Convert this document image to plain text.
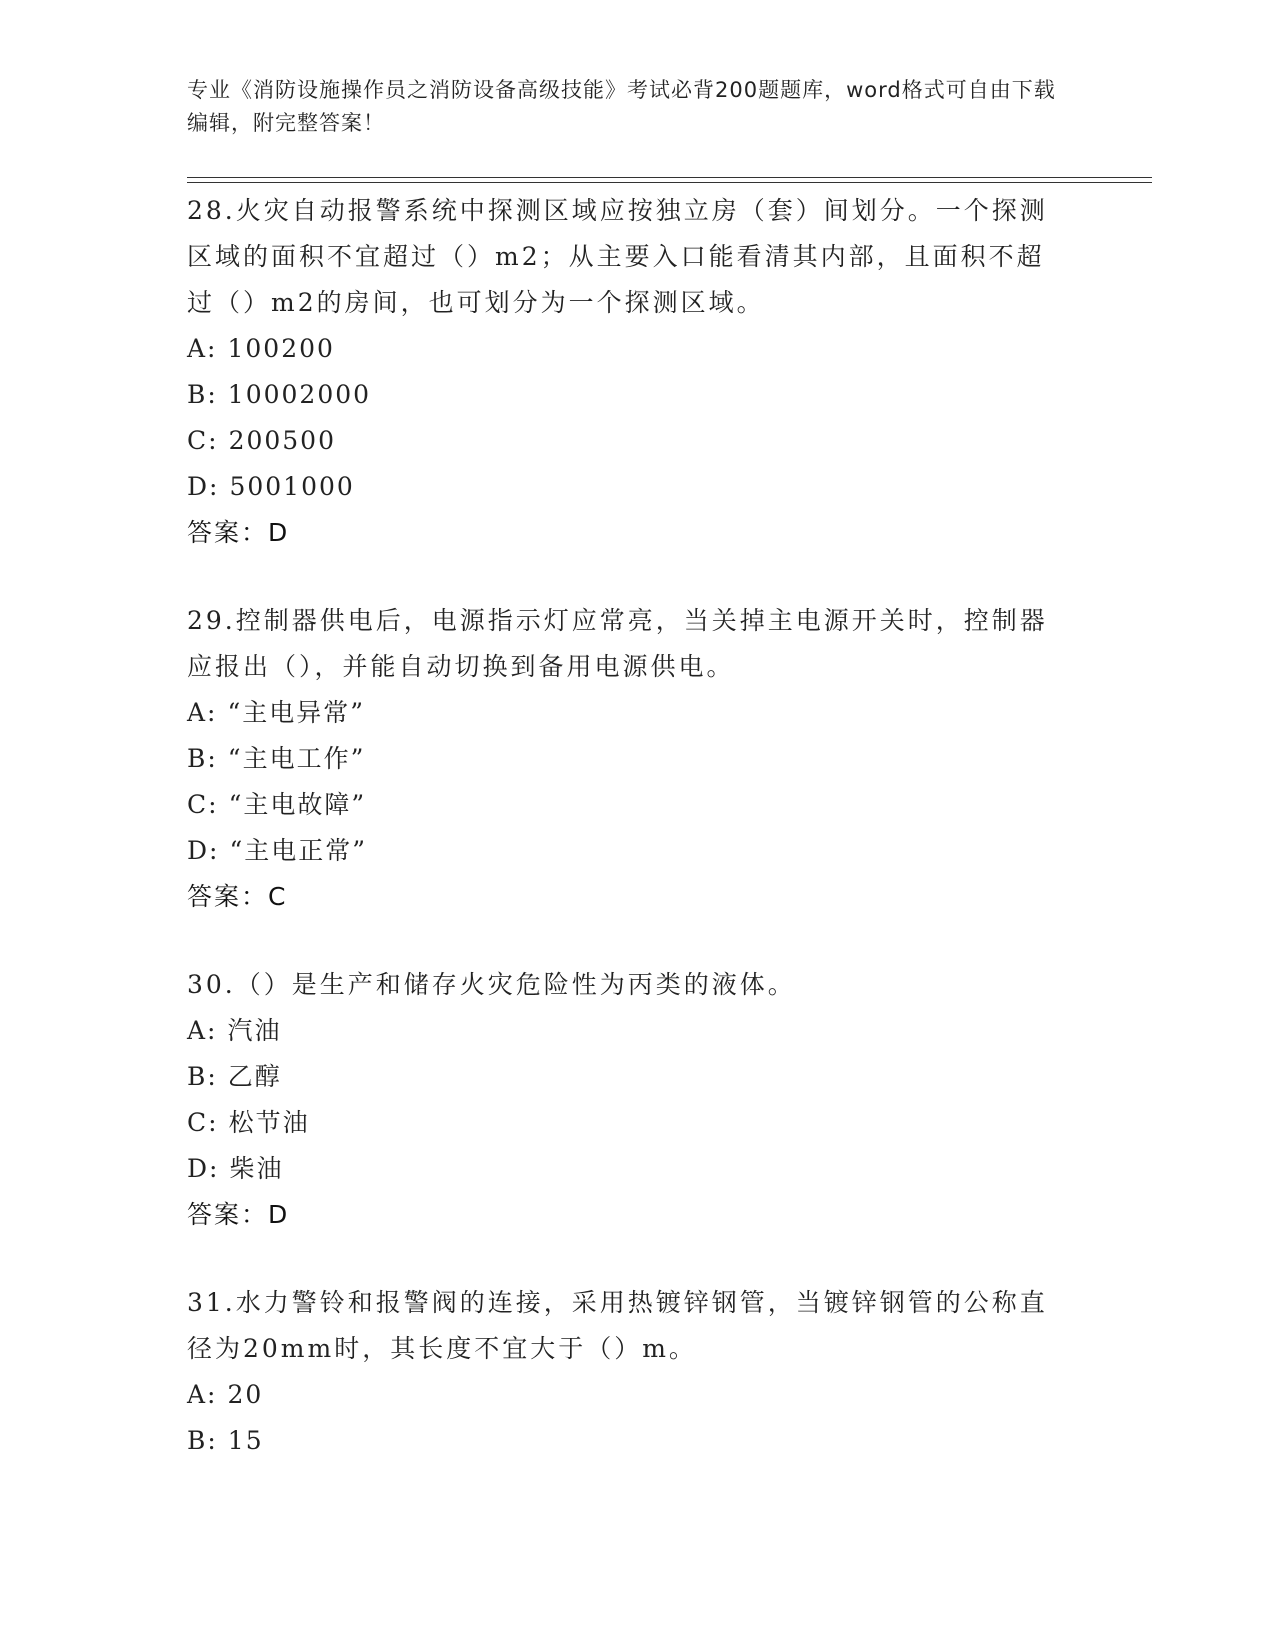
专业《消防设施操作员之消防设备高级技能》考试必背200题题库，word格式可自由下载编辑，附完整答案！

28.火灾自动报警系统中探测区域应按独立房（套）间划分。一个探测区域的面积不宜超过（）m2；从主要入口能看清其内部，且面积不超过（）m2的房间，也可划分为一个探测区域。

A: 100200

B: 10002000

C: 200500

D: 5001000

答案：D

29.控制器供电后，电源指示灯应常亮，当关掉主电源开关时，控制器应报出（），并能自动切换到备用电源供电。

A: “主电异常”

B: “主电工作”

C: “主电故障”

D: “主电正常”

答案：C

30.（）是生产和储存火灾危险性为丙类的液体。

A: 汽油

B: 乙醇

C: 松节油

D: 柴油

答案：D

31.水力警铃和报警阀的连接，采用热镀锌钢管，当镀锌钢管的公称直径为20mm时，其长度不宜大于（）m。

A: 20

B: 15
